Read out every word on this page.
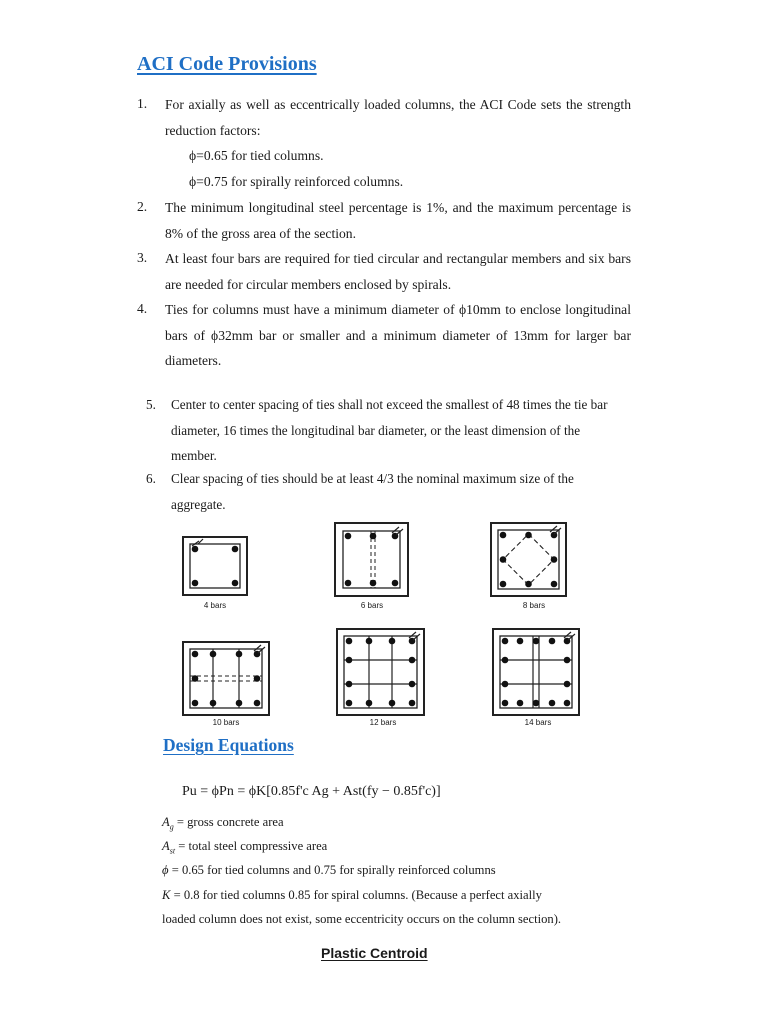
ACI Code Provisions
1. For axially as well as eccentrically loaded columns, the ACI Code sets the strength reduction factors:
ϕ=0.65 for tied columns.
ϕ=0.75 for spirally reinforced columns.
2. The minimum longitudinal steel percentage is 1%, and the maximum percentage is 8% of the gross area of the section.
3. At least four bars are required for tied circular and rectangular members and six bars are needed for circular members enclosed by spirals.
4. Ties for columns must have a minimum diameter of ϕ10mm to enclose longitudinal bars of ϕ32mm bar or smaller and a minimum diameter of 13mm for larger bar diameters.
5. Center to center spacing of ties shall not exceed the smallest of 48 times the tie bar diameter, 16 times the longitudinal bar diameter, or the least dimension of the member.
6. Clear spacing of ties should be at least 4/3 the nominal maximum size of the aggregate.
4 bars	6 bars	8 bars
10 bars	12 bars	14 bars
Design Equations
Pu = ϕPn = ϕK[0.85f'c Ag + Ast(fy − 0.85f'c)]
$A_g$ = gross concrete area
$A_{st}$ = total steel compressive area
ϕ = 0.65 for tied columns and 0.75 for spirally reinforced columns
K = 0.8 for tied columns 0.85 for spiral columns. (Because a perfect axially
loaded column does not exist, some eccentricity occurs on the column section).
Plastic Centroid
